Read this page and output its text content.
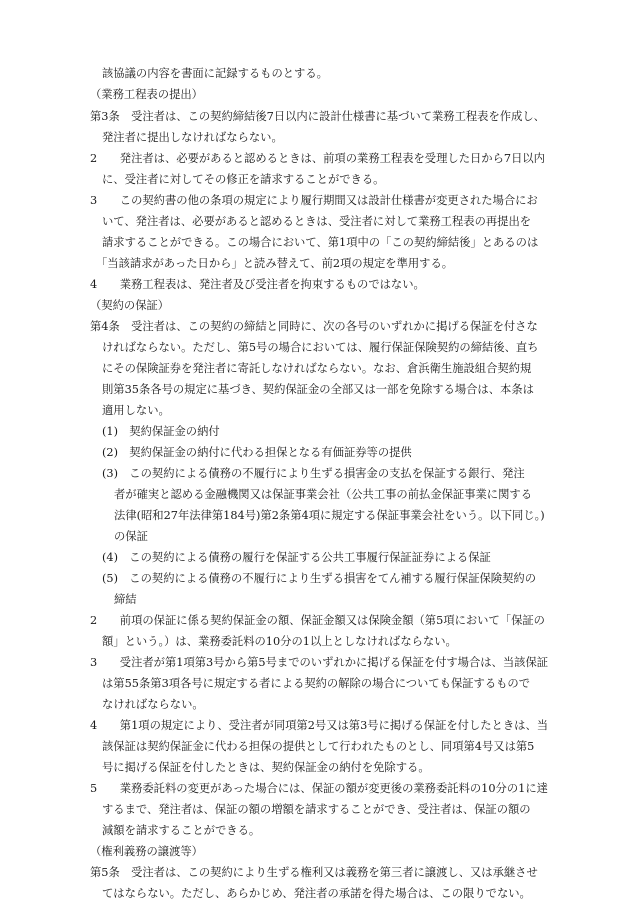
該協議の内容を書面に記録するものとする。
（業務工程表の提出）
第3条　受注者は、この契約締結後7日以内に設計仕様書に基づいて業務工程表を作成し、
発注者に提出しなければならない。
2　　発注者は、必要があると認めるときは、前項の業務工程表を受理した日から7日以内
に、受注者に対してその修正を請求することができる。
3　　この契約書の他の条項の規定により履行期間又は設計仕様書が変更された場合にお
いて、発注者は、必要があると認めるときは、受注者に対して業務工程表の再提出を
請求することができる。この場合において、第1項中の「この契約締結後」とあるのは
「当該請求があった日から」と読み替えて、前2項の規定を準用する。
4　　業務工程表は、発注者及び受注者を拘束するものではない。
（契約の保証）
第4条　受注者は、この契約の締結と同時に、次の各号のいずれかに掲げる保証を付さな
ければならない。ただし、第5号の場合においては、履行保証保険契約の締結後、直ち
にその保険証券を発注者に寄託しなければならない。なお、倉浜衛生施設組合契約規
則第35条各号の規定に基づき、契約保証金の全部又は一部を免除する場合は、本条は
適用しない。
(1)　契約保証金の納付
(2)　契約保証金の納付に代わる担保となる有価証券等の提供
(3)　この契約による債務の不履行により生ずる損害金の支払を保証する銀行、発注
者が確実と認める金融機関又は保証事業会社（公共工事の前払金保証事業に関する
法律(昭和27年法律第184号)第2条第4項に規定する保証事業会社をいう。以下同じ。)
の保証
(4)　この契約による債務の履行を保証する公共工事履行保証証券による保証
(5)　この契約による債務の不履行により生ずる損害をてん補する履行保証保険契約の
締結
2　　前項の保証に係る契約保証金の額、保証金額又は保険金額（第5項において「保証の
額」という。）は、業務委託料の10分の1以上としなければならない。
3　　受注者が第1項第3号から第5号までのいずれかに掲げる保証を付す場合は、当該保証
は第55条第3項各号に規定する者による契約の解除の場合についても保証するもので
なければならない。
4　　第1項の規定により、受注者が同項第2号又は第3号に掲げる保証を付したときは、当
該保証は契約保証金に代わる担保の提供として行われたものとし、同項第4号又は第5
号に掲げる保証を付したときは、契約保証金の納付を免除する。
5　　業務委託料の変更があった場合には、保証の額が変更後の業務委託料の10分の1に達
するまで、発注者は、保証の額の増額を請求することができ、受注者は、保証の額の
減額を請求することができる。
（権利義務の譲渡等）
第5条　受注者は、この契約により生ずる権利又は義務を第三者に譲渡し、又は承継させ
てはならない。ただし、あらかじめ、発注者の承諾を得た場合は、この限りでない。
